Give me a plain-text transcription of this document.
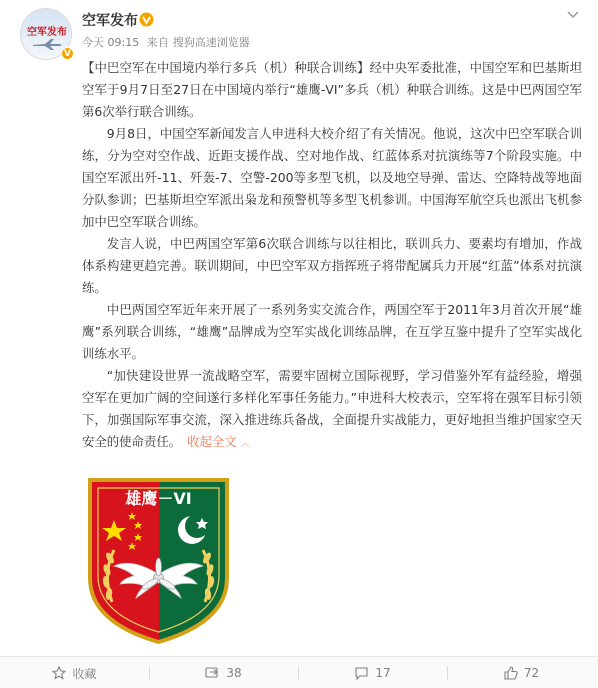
空军发布
V
空军发布
今天 09:15 来自 搜狗高速浏览器

【中巴空军在中国境内举行多兵（机）种联合训练】经中央军委批准，中国空军和巴基斯坦空军于9月7日至27日在中国境内举行“雄鹰-VI”多兵（机）种联合训练。这是中巴两国空军第6次举行联合训练。

9月8日，中国空军新闻发言人申进科大校介绍了有关情况。他说，这次中巴空军联合训练，分为空对空作战、近距支援作战、空对地作战、红蓝体系对抗演练等7个阶段实施。中国空军派出歼-11、歼轰-7、空警-200等多型飞机，以及地空导弹、雷达、空降特战等地面分队参训；巴基斯坦空军派出枭龙和预警机等多型飞机参训。中国海军航空兵也派出飞机参加中巴空军联合训练。

发言人说，中巴两国空军第6次联合训练与以往相比，联训兵力、要素均有增加，作战体系构建更趋完善。联训期间，中巴空军双方指挥班子将带配属兵力开展“红蓝”体系对抗演练。

中巴两国空军近年来开展了一系列务实交流合作，两国空军于2011年3月首次开展“雄鹰”系列联合训练，“雄鹰”品牌成为空军实战化训练品牌，在互学互鉴中提升了空军实战化训练水平。

“加快建设世界一流战略空军，需要牢固树立国际视野，学习借鉴外军有益经验，增强空军在更加广阔的空间遂行多样化军事任务能力。”申进科大校表示，空军将在强军目标引领下，加强国际军事交流，深入推进练兵备战，全面提升实战能力，更好地担当维护国家空天安全的使命责任。 收起全文 ︿

雄鹰－VI
收藏	38	17	72
